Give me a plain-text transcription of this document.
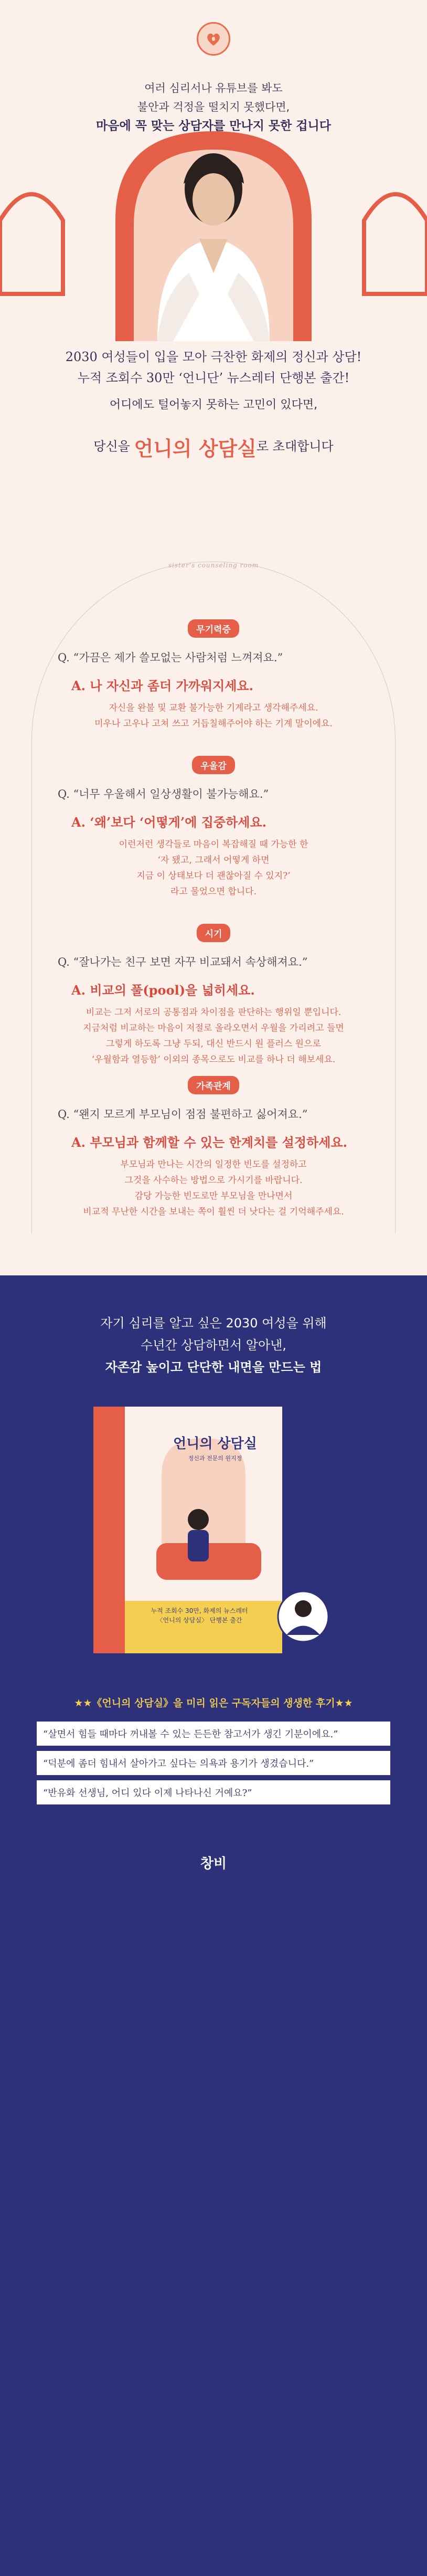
여러 심리서나 유튜브를 봐도
불안과 걱정을 떨치지 못했다면,
마음에 꼭 맞는 상담자를 만나지 못한 겁니다
2030 여성들이 입을 모아 극찬한 화제의 정신과 상담!
누적 조회수 30만 ‘언니단’ 뉴스레터 단행본 출간!
어디에도 털어놓지 못하는 고민이 있다면,
당신을 언니의 상담실로 초대합니다
sister's counseling room
무기력증
Q. “가끔은 제가 쓸모없는 사람처럼 느껴져요.”
A. 나 자신과 좀더 가까워지세요.
자신을 완불 및 교환 불가능한 기계라고 생각해주세요.
미우나 고우나 고쳐 쓰고 거듭칠해주어야 하는 기계 말이에요.
우울감
Q. “너무 우울해서 일상생활이 불가능해요.”
A. ‘왜’보다 ‘어떻게’에 집중하세요.
이런저런 생각들로 마음이 복잡해질 때 가능한 한
‘자 됐고, 그래서 어떻게 하면
지금 이 상태보다 더 괜찮아질 수 있지?’
라고 물었으면 합니다.
시기
Q. “잘나가는 친구 보면 자꾸 비교돼서 속상해져요.”
A. 비교의 풀(pool)을 넓히세요.
비교는 그저 서로의 공통점과 차이점을 판단하는 행위일 뿐입니다.
지금처럼 비교하는 마음이 저절로 올라오면서 우월을 가리려고 들면
그렇게 하도록 그냥 두되, 대신 반드시 원 플러스 원으로
‘우월함과 열등함’ 이외의 종목으로도 비교를 하나 더 해보세요.
가족관계
Q. “왠지 모르게 부모님이 점점 불편하고 싫어져요.”
A. 부모님과 함께할 수 있는 한계치를 설정하세요.
부모님과 만나는 시간의 일정한 빈도를 설정하고
그것을 사수하는 방법으로 가시기를 바랍니다.
감당 가능한 빈도로만 부모님을 만나면서
비교적 무난한 시간을 보내는 쪽이 훨씬 더 낫다는 걸 기억해주세요.
자기 심리를 알고 싶은 2030 여성을 위해
수년간 상담하면서 알아낸,
자존감 높이고 단단한 내면을 만드는 법
언니의 상담실
정신과 전문의 원지정
누적 조회수 30만, 화제의 뉴스레터
〈언니의 상담실〉 단행본 출간
★★《언니의 상담실》을 미리 읽은 구독자들의 생생한 후기★★
“살면서 힘들 때마다 꺼내볼 수 있는 든든한 참고서가 생긴 기분이에요.”
“덕분에 좀더 힘내서 살아가고 싶다는 의욕과 용기가 생겼습니다.”
“반유화 선생님, 어디 있다 이제 나타나신 거예요?”
창비
